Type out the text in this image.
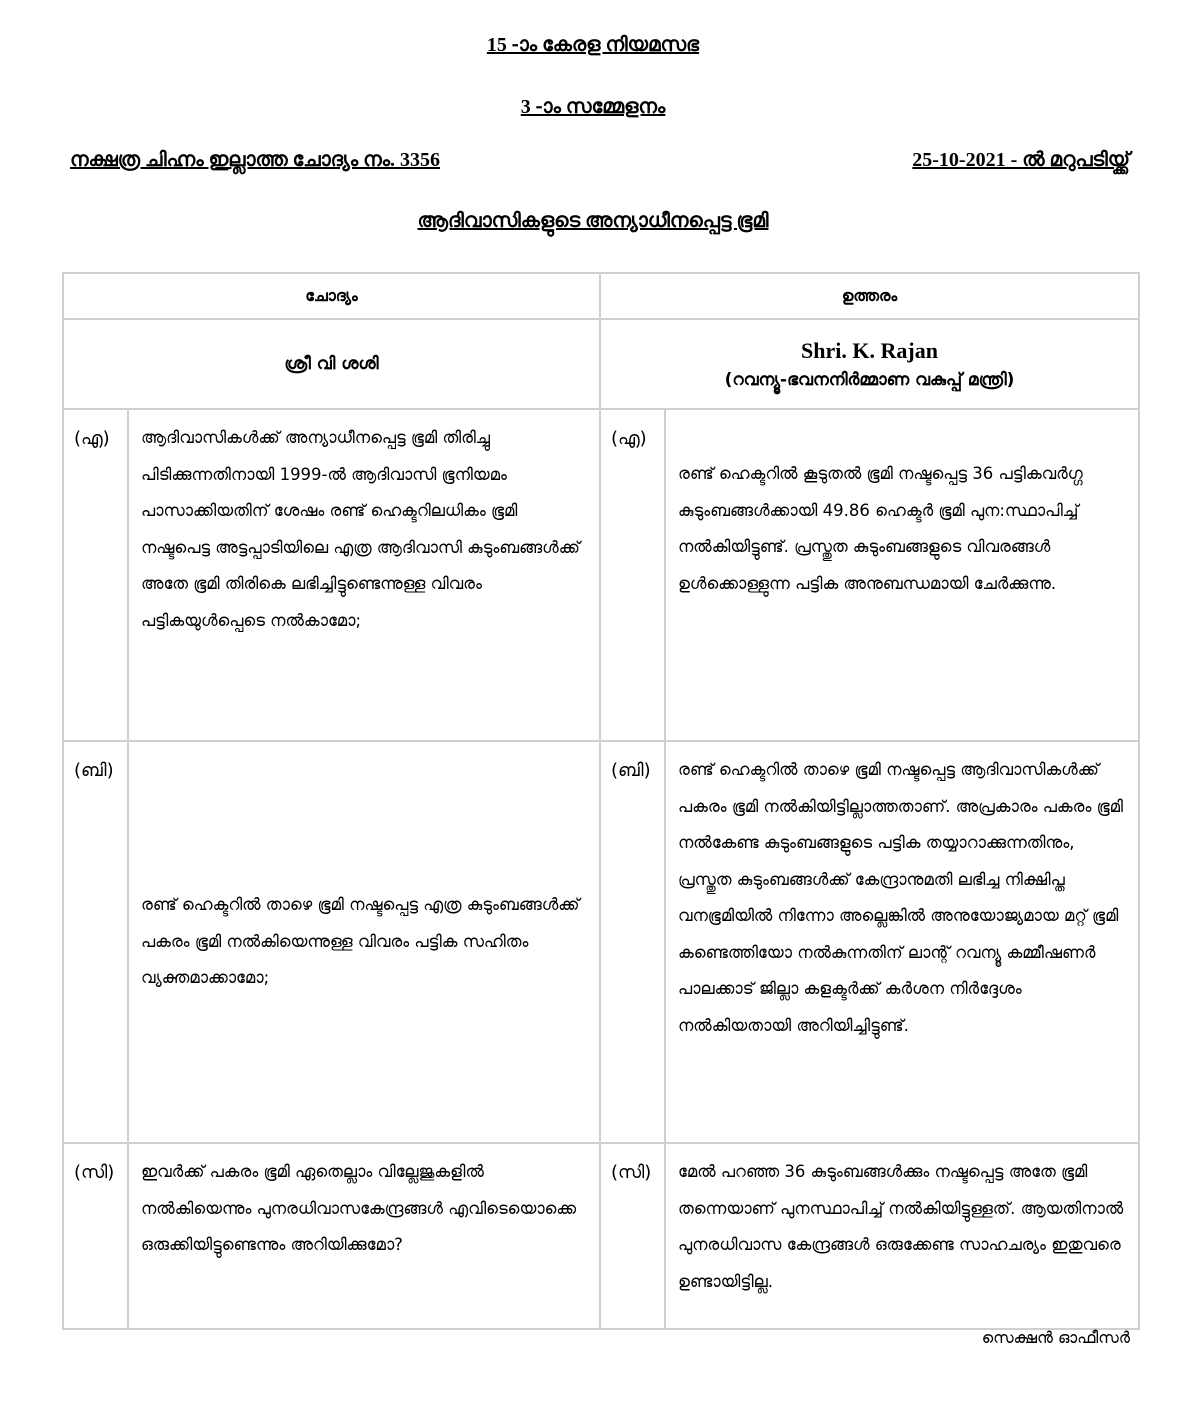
15 -ാം കേരള നിയമസഭ
3 -ാം സമ്മേളനം
നക്ഷത്ര ചിഹ്നം ഇല്ലാത്ത ചോദ്യം നം. 3356	25-10-2021 - ൽ മറുപടിയ്ക്ക്
ആദിവാസികളുടെ അന്യാധീനപ്പെട്ട ഭൂമി
ചോദ്യം		ഉത്തരം	
ശ്രീ വി ശശി		Shri. K. Rajan
(റവന്യൂ-ഭവനനിർമ്മാണ വകുപ്പ് മന്ത്രി)	

(എ)	ആദിവാസികൾക്ക് അന്യാധീനപ്പെട്ട ഭൂമി തിരിച്ചു പിടിക്കുന്നതിനായി 1999-ൽ ആദിവാസി ഭൂനിയമം പാസാക്കിയതിന് ശേഷം രണ്ട് ഹെക്ടറിലധികം ഭൂമി നഷ്ടപെട്ട അട്ടപ്പാടിയിലെ എത്ര ആദിവാസി കുടുംബങ്ങൾക്ക് അതേ ഭൂമി തിരികെ ലഭിച്ചിട്ടുണ്ടെന്നുള്ള വിവരം പട്ടികയുൾപ്പെടെ നൽകാമോ;	(എ)	രണ്ട് ഹെക്ടറിൽ കൂടുതൽ ഭൂമി നഷ്ടപ്പെട്ട 36 പട്ടികവർഗ്ഗ കുടുംബങ്ങൾക്കായി 49.86 ഹെക്ടർ ഭൂമി പുന:സ്ഥാപിച്ച് നൽകിയിട്ടുണ്ട്. പ്രസ്തുത കുടുംബങ്ങളുടെ വിവരങ്ങൾ ഉൾക്കൊള്ളുന്ന പട്ടിക അനുബന്ധമായി ചേർക്കുന്നു.
(ബി)	രണ്ട് ഹെക്ടറിൽ താഴെ ഭൂമി നഷ്ടപ്പെട്ട എത്ര കുടുംബങ്ങൾക്ക് പകരം ഭൂമി നൽകിയെന്നുള്ള വിവരം പട്ടിക സഹിതം വ്യക്തമാക്കാമോ;	(ബി)	രണ്ട് ഹെക്ടറിൽ താഴെ ഭൂമി നഷ്ടപ്പെട്ട ആദിവാസികൾക്ക് പകരം ഭൂമി നൽകിയിട്ടില്ലാത്തതാണ്. അപ്രകാരം പകരം ഭൂമി നൽകേണ്ട കുടുംബങ്ങളുടെ പട്ടിക തയ്യാറാക്കുന്നതിനും, പ്രസ്തുത കുടുംബങ്ങൾക്ക് കേന്ദ്രാനുമതി ലഭിച്ച നിക്ഷിപ്ത വനഭൂമിയിൽ നിന്നോ അല്ലെങ്കിൽ അനുയോജ്യമായ മറ്റ് ഭൂമി കണ്ടെത്തിയോ നൽകുന്നതിന് ലാന്റ് റവന്യൂ കമ്മീഷണർ പാലക്കാട് ജില്ലാ കളക്ടർക്ക് കർശന നിർദ്ദേശം നൽകിയതായി അറിയിച്ചിട്ടുണ്ട്.
(സി)	ഇവർക്ക് പകരം ഭൂമി ഏതെല്ലാം വില്ലേജുകളിൽ നൽകിയെന്നും പുനരധിവാസകേന്ദ്രങ്ങൾ എവിടെയൊക്കെ ഒരുക്കിയിട്ടുണ്ടെന്നും അറിയിക്കുമോ?	(സി)	മേൽ പറഞ്ഞ 36 കുടുംബങ്ങൾക്കും നഷ്ടപ്പെട്ട അതേ ഭൂമി തന്നെയാണ് പുനസ്ഥാപിച്ച് നൽകിയിട്ടുള്ളത്. ആയതിനാൽ പുനരധിവാസ കേന്ദ്രങ്ങൾ ഒരുക്കേണ്ട സാഹചര്യം ഇതുവരെ ഉണ്ടായിട്ടില്ല.
സെക്ഷൻ ഓഫീസർ
